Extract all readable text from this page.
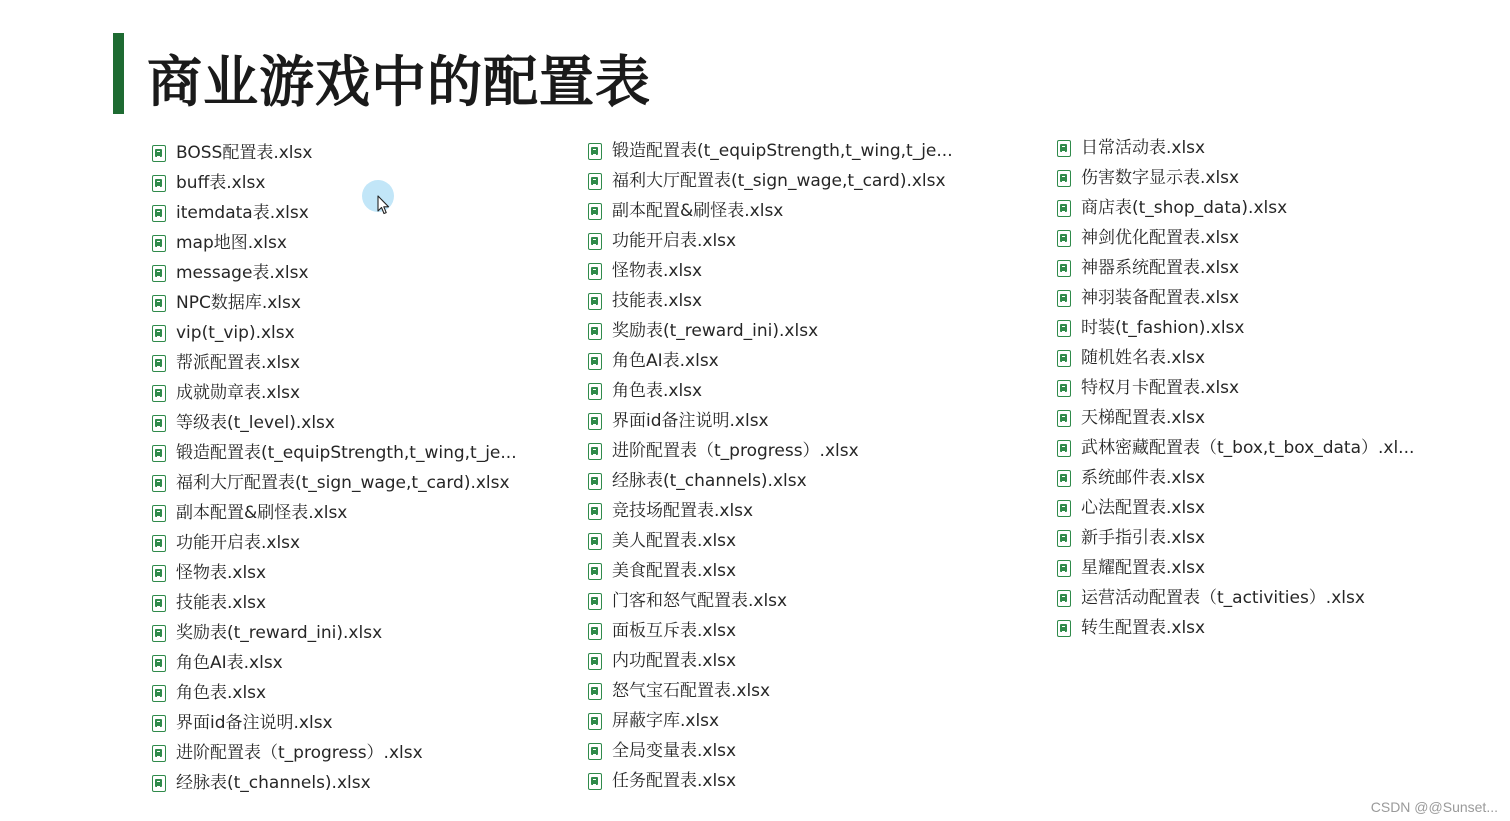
商业游戏中的配置表
BOSS配置表.xlsx
buff表.xlsx
itemdata表.xlsx
map地图.xlsx
message表.xlsx
NPC数据库.xlsx
vip(t_vip).xlsx
帮派配置表.xlsx
成就勋章表.xlsx
等级表(t_level).xlsx
锻造配置表(t_equipStrength,t_wing,t_je...
福利大厅配置表(t_sign_wage,t_card).xlsx
副本配置&刷怪表.xlsx
功能开启表.xlsx
怪物表.xlsx
技能表.xlsx
奖励表(t_reward_ini).xlsx
角色AI表.xlsx
角色表.xlsx
界面id备注说明.xlsx
进阶配置表（t_progress）.xlsx
经脉表(t_channels).xlsx
锻造配置表(t_equipStrength,t_wing,t_je...
福利大厅配置表(t_sign_wage,t_card).xlsx
副本配置&刷怪表.xlsx
功能开启表.xlsx
怪物表.xlsx
技能表.xlsx
奖励表(t_reward_ini).xlsx
角色AI表.xlsx
角色表.xlsx
界面id备注说明.xlsx
进阶配置表（t_progress）.xlsx
经脉表(t_channels).xlsx
竞技场配置表.xlsx
美人配置表.xlsx
美食配置表.xlsx
门客和怒气配置表.xlsx
面板互斥表.xlsx
内功配置表.xlsx
怒气宝石配置表.xlsx
屏蔽字库.xlsx
全局变量表.xlsx
任务配置表.xlsx
日常活动表.xlsx
伤害数字显示表.xlsx
商店表(t_shop_data).xlsx
神剑优化配置表.xlsx
神器系统配置表.xlsx
神羽装备配置表.xlsx
时装(t_fashion).xlsx
随机姓名表.xlsx
特权月卡配置表.xlsx
天梯配置表.xlsx
武林密藏配置表（t_box,t_box_data）.xl...
系统邮件表.xlsx
心法配置表.xlsx
新手指引表.xlsx
星耀配置表.xlsx
运营活动配置表（t_activities）.xlsx
转生配置表.xlsx
CSDN @@Sunset...
